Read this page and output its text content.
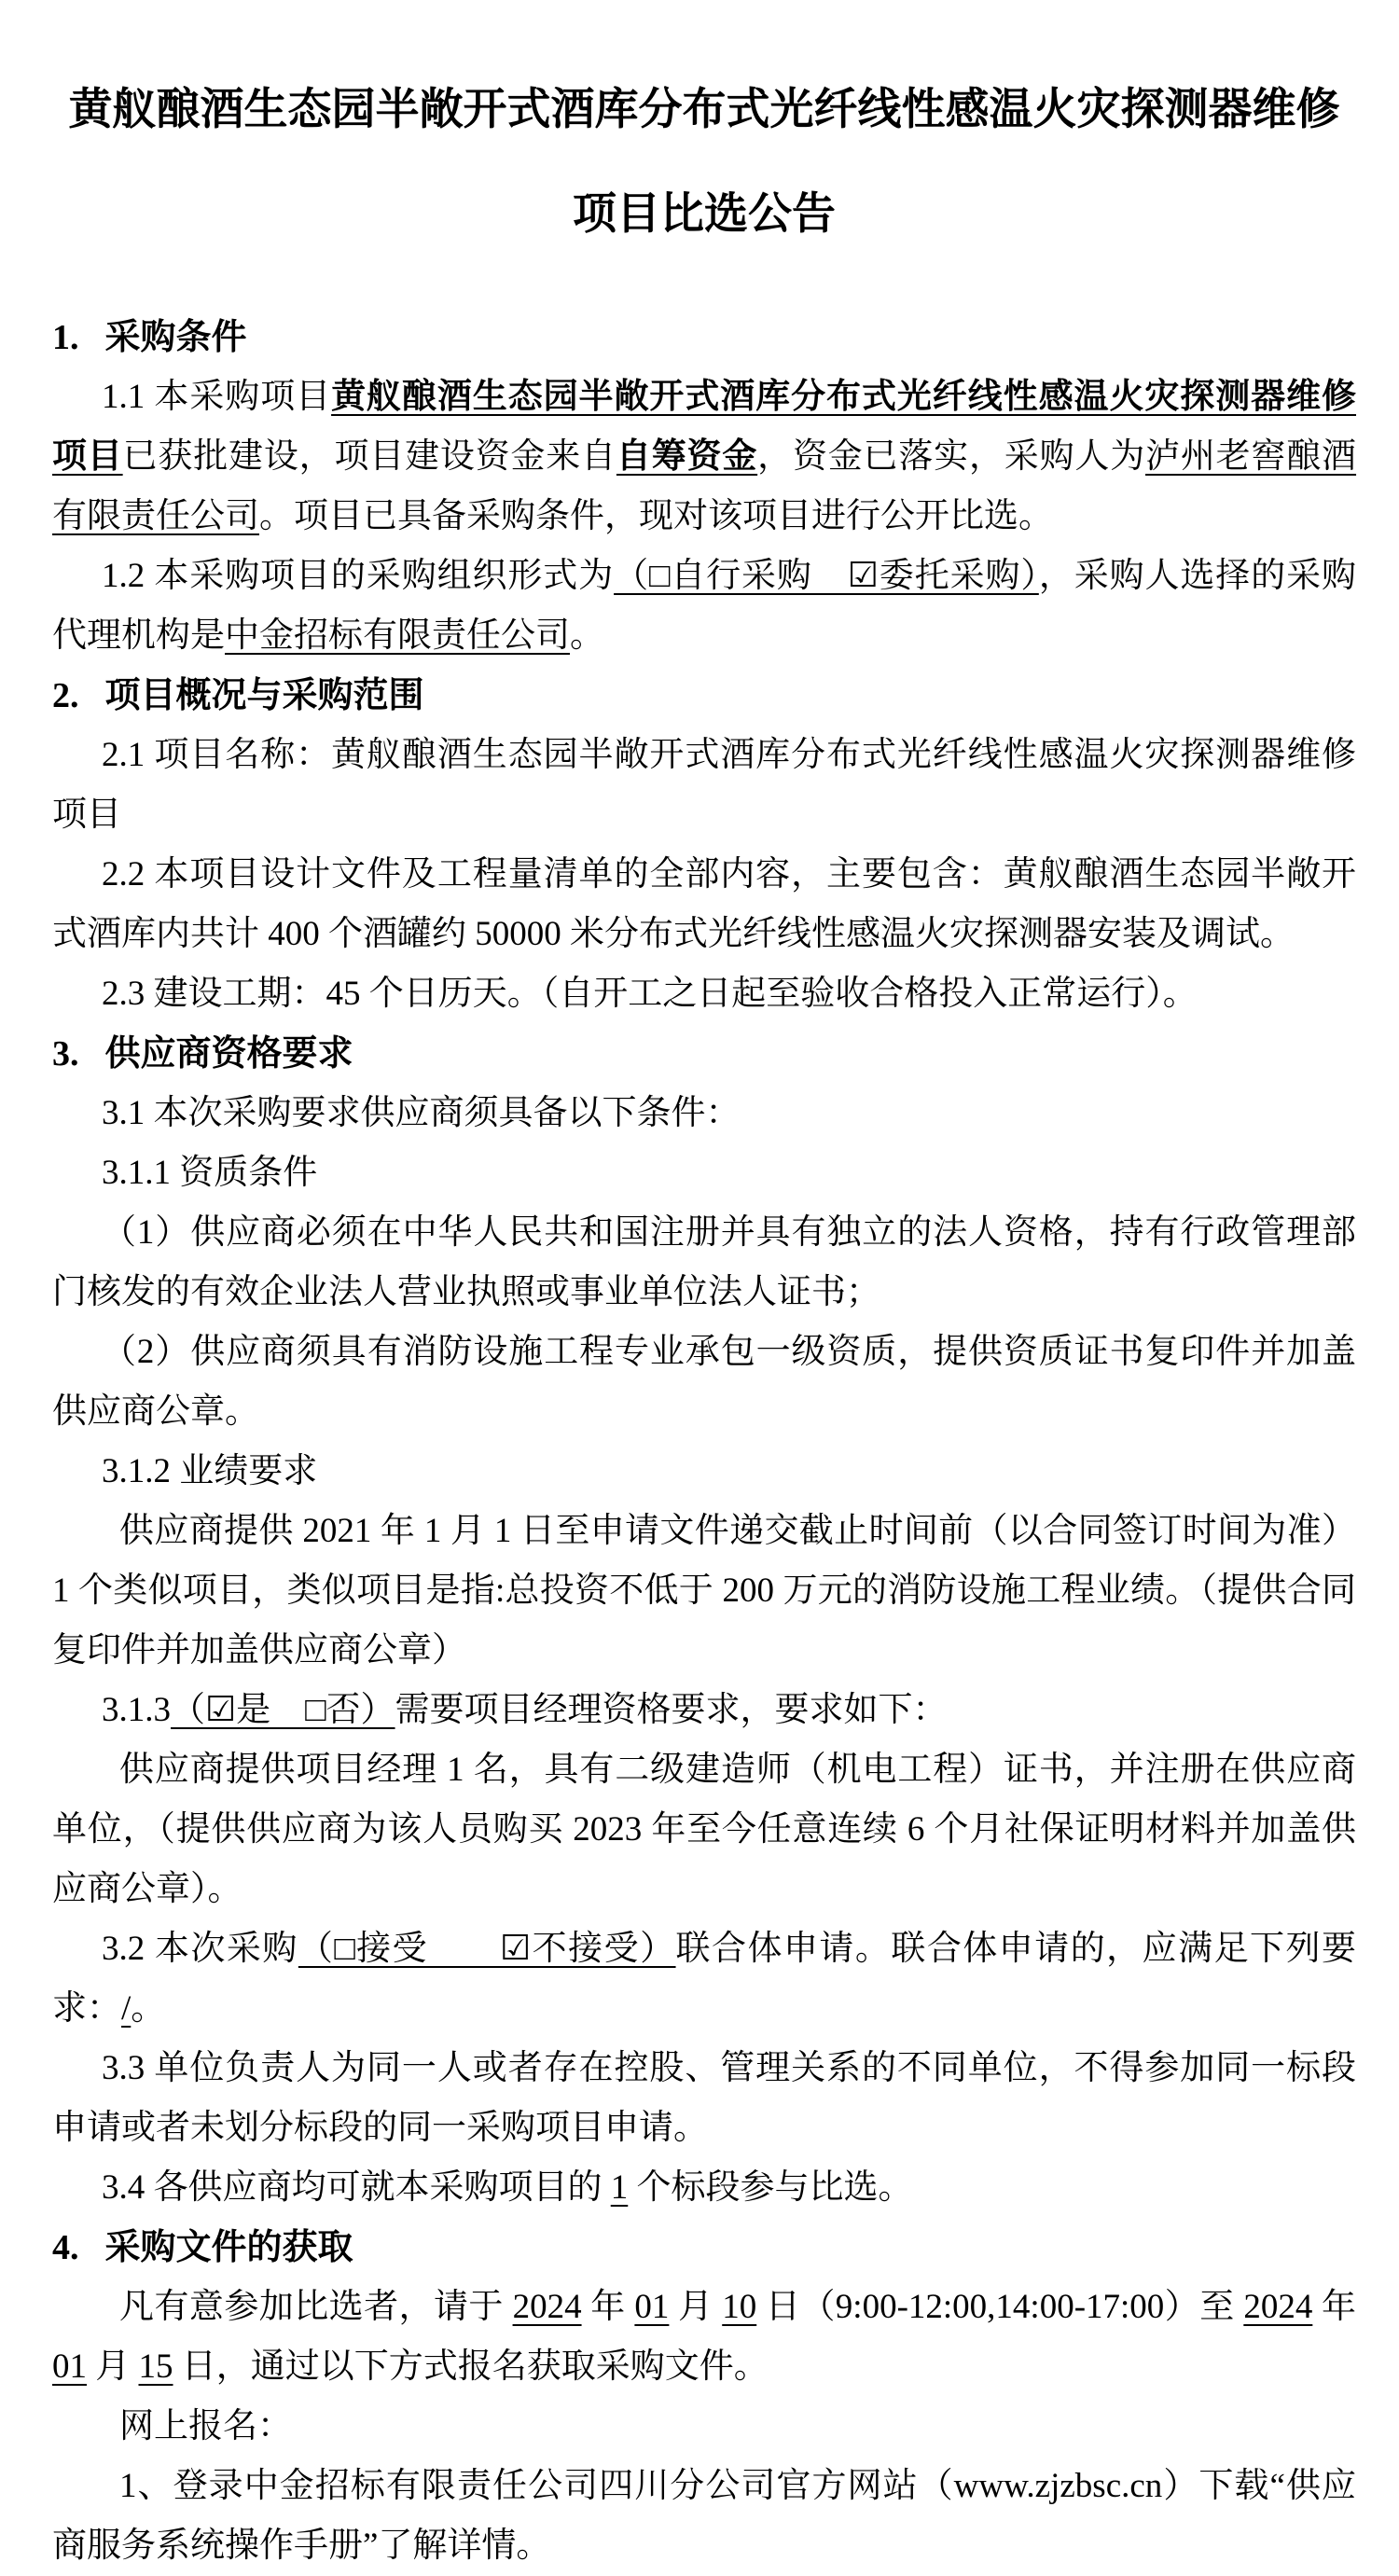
黄舣酿酒生态园半敞开式酒库分布式光纤线性感温火灾探测器维修
项目比选公告
1. 采购条件
1.1 本采购项目黄舣酿酒生态园半敞开式酒库分布式光纤线性感温火灾探测器维修项目已获批建设，项目建设资金来自自筹资金，资金已落实，采购人为泸州老窖酿酒有限责任公司。项目已具备采购条件，现对该项目进行公开比选。
1.2 本采购项目的采购组织形式为（□自行采购　☑委托采购），采购人选择的采购代理机构是中金招标有限责任公司。
2. 项目概况与采购范围
2.1 项目名称：黄舣酿酒生态园半敞开式酒库分布式光纤线性感温火灾探测器维修项目
2.2 本项目设计文件及工程量清单的全部内容，主要包含：黄舣酿酒生态园半敞开式酒库内共计 400 个酒罐约 50000 米分布式光纤线性感温火灾探测器安装及调试。
2.3 建设工期：45 个日历天。（自开工之日起至验收合格投入正常运行）。
3. 供应商资格要求
3.1 本次采购要求供应商须具备以下条件：
3.1.1 资质条件
（1）供应商必须在中华人民共和国注册并具有独立的法人资格，持有行政管理部门核发的有效企业法人营业执照或事业单位法人证书；
（2）供应商须具有消防设施工程专业承包一级资质，提供资质证书复印件并加盖供应商公章。
3.1.2 业绩要求
供应商提供 2021 年 1 月 1 日至申请文件递交截止时间前（以合同签订时间为准）1 个类似项目，类似项目是指:总投资不低于 200 万元的消防设施工程业绩。（提供合同复印件并加盖供应商公章）
3.1.3（☑是　□否）需要项目经理资格要求，要求如下：
供应商提供项目经理 1 名，具有二级建造师（机电工程）证书，并注册在供应商单位，（提供供应商为该人员购买 2023 年至今任意连续 6 个月社保证明材料并加盖供应商公章）。
3.2 本次采购（□接受　　☑不接受）联合体申请。联合体申请的，应满足下列要求：/。
3.3 单位负责人为同一人或者存在控股、管理关系的不同单位，不得参加同一标段申请或者未划分标段的同一采购项目申请。
3.4 各供应商均可就本采购项目的 1 个标段参与比选。
4. 采购文件的获取
凡有意参加比选者，请于 2024 年 01 月 10 日（9:00-12:00,14:00-17:00）至 2024 年 01 月 15 日，通过以下方式报名获取采购文件。
网上报名：
1、登录中金招标有限责任公司四川分公司官方网站（www.zjzbsc.cn）下载“供应商服务系统操作手册”了解详情。
